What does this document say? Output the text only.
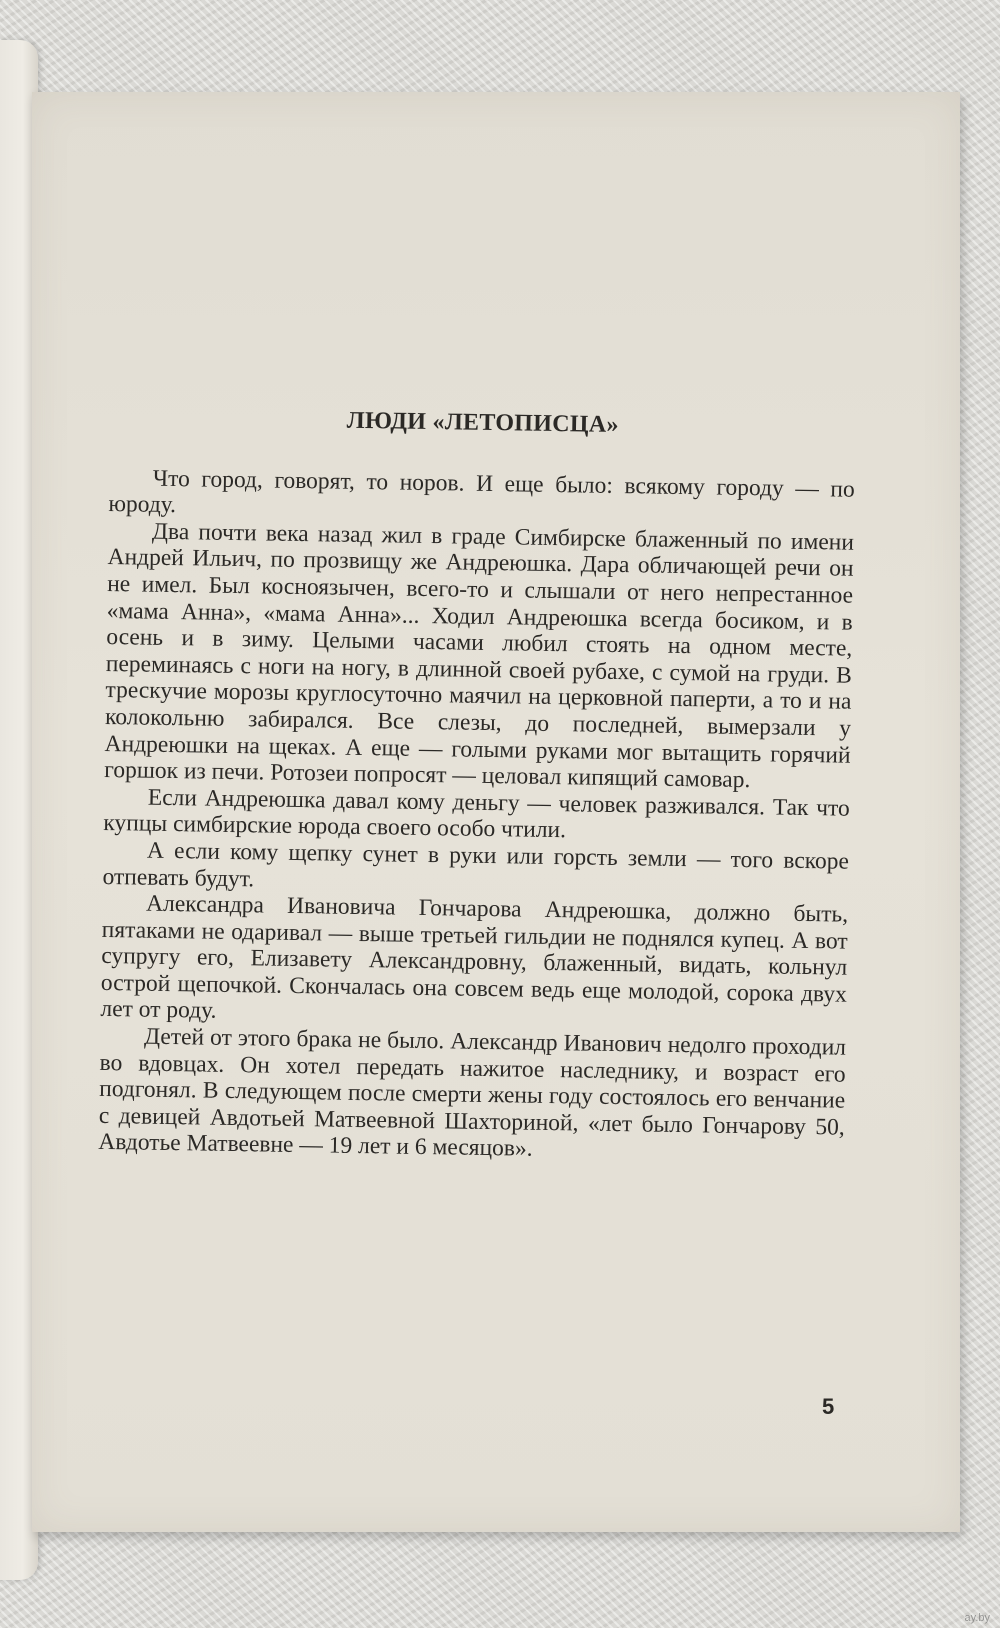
ЛЮДИ «ЛЕТОПИСЦА»

Что город, говорят, то норов. И еще было: всякому городу — по юроду.

Два почти века назад жил в граде Симбирске блаженный по имени Андрей Ильич, по прозвищу же Андреюшка. Дара обличающей речи он не имел. Был косноязычен, всего-то и слышали от него непрестанное «мама Анна», «мама Анна»... Ходил Андреюшка всегда босиком, и в осень и в зиму. Целыми часами любил стоять на одном месте, переминаясь с ноги на ногу, в длинной своей рубахе, с сумой на груди. В трескучие морозы круглосуточно маячил на церковной паперти, а то и на колокольню забирался. Все слезы, до последней, вымерзали у Андреюшки на щеках. А еще — голыми руками мог вытащить горячий горшок из печи. Ротозеи попросят — целовал кипящий самовар.

Если Андреюшка давал кому деньгу — человек разживался. Так что купцы симбирские юрода своего особо чтили.

А если кому щепку сунет в руки или горсть земли — того вскоре отпевать будут.

Александра Ивановича Гончарова Андреюшка, должно быть, пятаками не одаривал — выше третьей гильдии не поднялся купец. А вот супругу его, Елизавету Александровну, блаженный, видать, кольнул острой щепочкой. Скончалась она совсем ведь еще молодой, сорока двух лет от роду.

Детей от этого брака не было. Александр Иванович недолго проходил во вдовцах. Он хотел передать нажитое наследнику, и возраст его подгонял. В следующем после смерти жены году состоялось его венчание с девицей Авдотьей Матвеевной Шахториной, «лет было Гончарову 50, Авдотье Матвеевне — 19 лет и 6 месяцов».

5
ay.by
